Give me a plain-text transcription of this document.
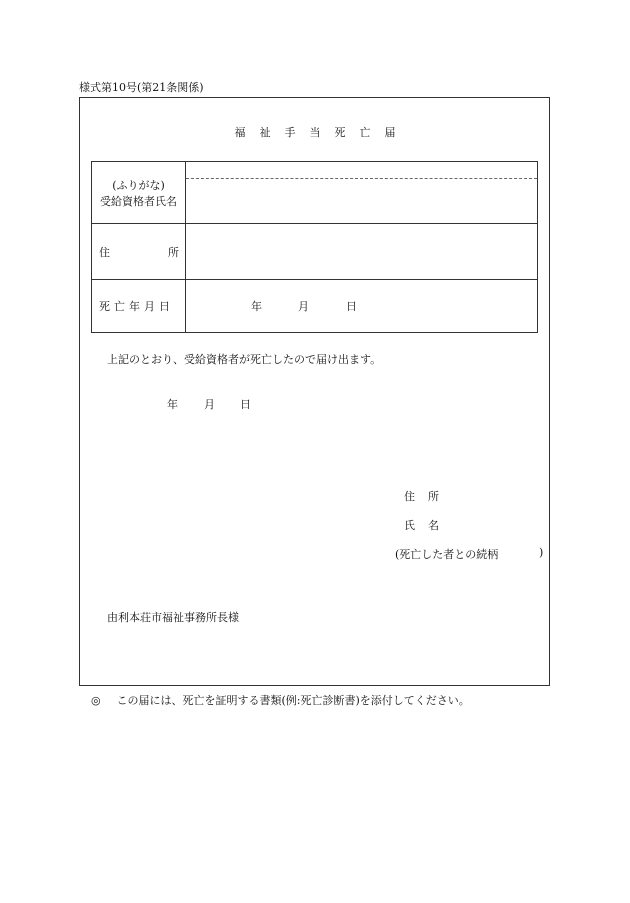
様式第10号(第21条関係)
福祉手当死亡届
(ふりがな)
受給資格者氏名
住	所
死亡年月日	年	月	日
上記のとおり、受給資格者が死亡したので届け出ます。
年 月 日
住 所
氏 名
(死亡した者との続柄	)
由利本荘市福祉事務所長様
◎ この届には、死亡を証明する書類(例:死亡診断書)を添付してください。
